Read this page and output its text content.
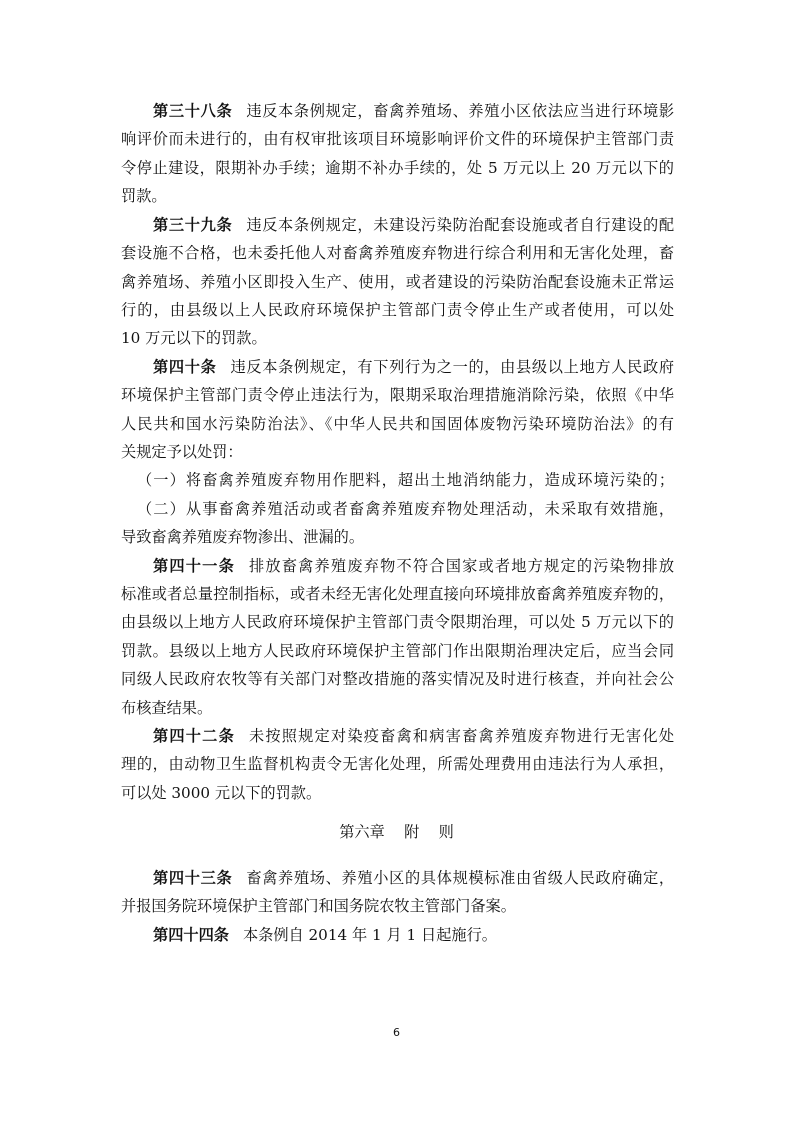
第三十八条 违反本条例规定，畜禽养殖场、养殖小区依法应当进行环境影
响评价而未进行的，由有权审批该项目环境影响评价文件的环境保护主管部门责
令停止建设，限期补办手续；逾期不补办手续的，处 5 万元以上 20 万元以下的
罚款。
第三十九条 违反本条例规定，未建设污染防治配套设施或者自行建设的配
套设施不合格，也未委托他人对畜禽养殖废弃物进行综合利用和无害化处理，畜
禽养殖场、养殖小区即投入生产、使用，或者建设的污染防治配套设施未正常运
行的，由县级以上人民政府环境保护主管部门责令停止生产或者使用，可以处
10 万元以下的罚款。
第四十条 违反本条例规定，有下列行为之一的，由县级以上地方人民政府
环境保护主管部门责令停止违法行为，限期采取治理措施消除污染，依照《中华
人民共和国水污染防治法》、《中华人民共和国固体废物污染环境防治法》的有
关规定予以处罚：
（一）将畜禽养殖废弃物用作肥料，超出土地消纳能力，造成环境污染的；
（二）从事畜禽养殖活动或者畜禽养殖废弃物处理活动，未采取有效措施，
导致畜禽养殖废弃物渗出、泄漏的。
第四十一条 排放畜禽养殖废弃物不符合国家或者地方规定的污染物排放
标准或者总量控制指标，或者未经无害化处理直接向环境排放畜禽养殖废弃物的，
由县级以上地方人民政府环境保护主管部门责令限期治理，可以处 5 万元以下的
罚款。县级以上地方人民政府环境保护主管部门作出限期治理决定后，应当会同
同级人民政府农牧等有关部门对整改措施的落实情况及时进行核查，并向社会公
布核查结果。
第四十二条 未按照规定对染疫畜禽和病害畜禽养殖废弃物进行无害化处
理的，由动物卫生监督机构责令无害化处理，所需处理费用由违法行为人承担，
可以处 3000 元以下的罚款。
第六章    附    则
第四十三条 畜禽养殖场、养殖小区的具体规模标准由省级人民政府确定，
并报国务院环境保护主管部门和国务院农牧主管部门备案。
第四十四条 本条例自 2014 年 1 月 1 日起施行。
6
